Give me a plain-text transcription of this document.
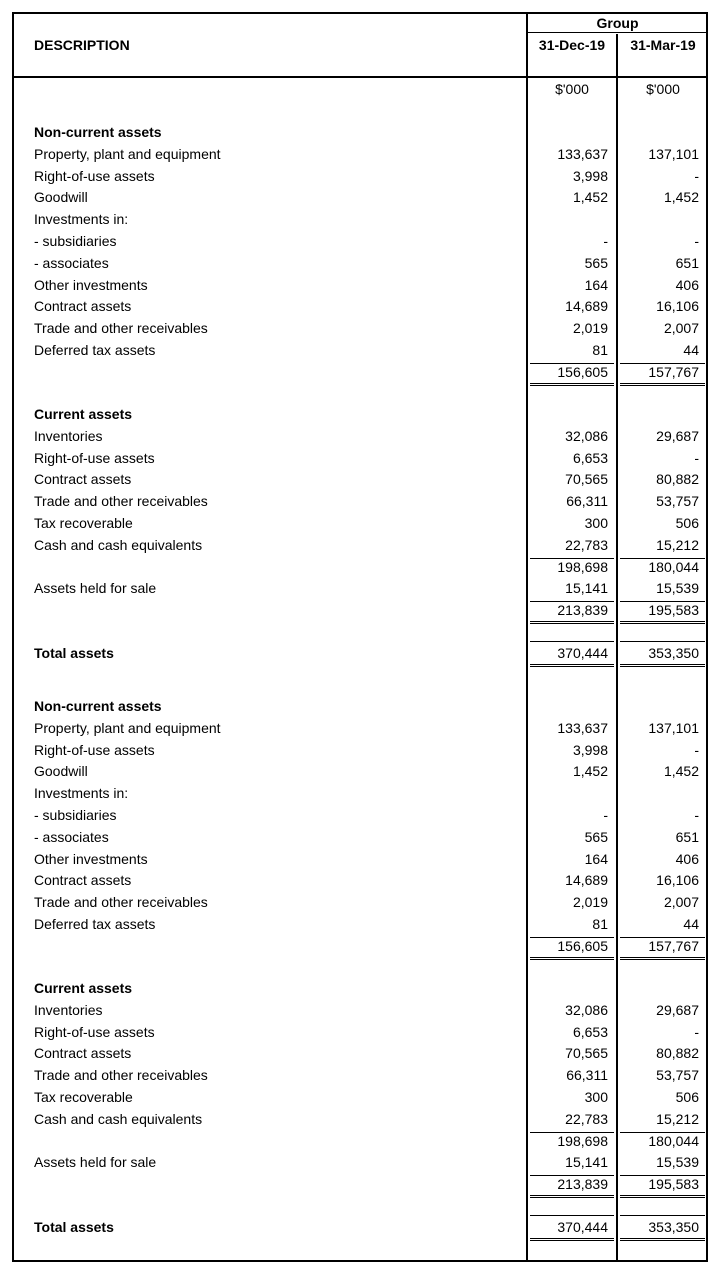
DESCRIPTION
Group
31-Dec-19	31-Mar-19
$'000	$'000
Non-current assets
Property, plant and equipment	133,637	137,101
Right-of-use assets	3,998	-
Goodwill	1,452	1,452
Investments in:
- subsidiaries	-	-
- associates	565	651
Other investments	164	406
Contract assets	14,689	16,106
Trade and other receivables	2,019	2,007
Deferred tax assets	81	44
156,605	157,767
Current assets
Inventories	32,086	29,687
Right-of-use assets	6,653	-
Contract assets	70,565	80,882
Trade and other receivables	66,311	53,757
Tax recoverable	300	506
Cash and cash equivalents	22,783	15,212
198,698	180,044
Assets held for sale	15,141	15,539
213,839	195,583
Total assets	370,444	353,350
Non-current assets
Property, plant and equipment	133,637	137,101
Right-of-use assets	3,998	-
Goodwill	1,452	1,452
Investments in:
- subsidiaries	-	-
- associates	565	651
Other investments	164	406
Contract assets	14,689	16,106
Trade and other receivables	2,019	2,007
Deferred tax assets	81	44
156,605	157,767
Current assets
Inventories	32,086	29,687
Right-of-use assets	6,653	-
Contract assets	70,565	80,882
Trade and other receivables	66,311	53,757
Tax recoverable	300	506
Cash and cash equivalents	22,783	15,212
198,698	180,044
Assets held for sale	15,141	15,539
213,839	195,583
Total assets	370,444	353,350
